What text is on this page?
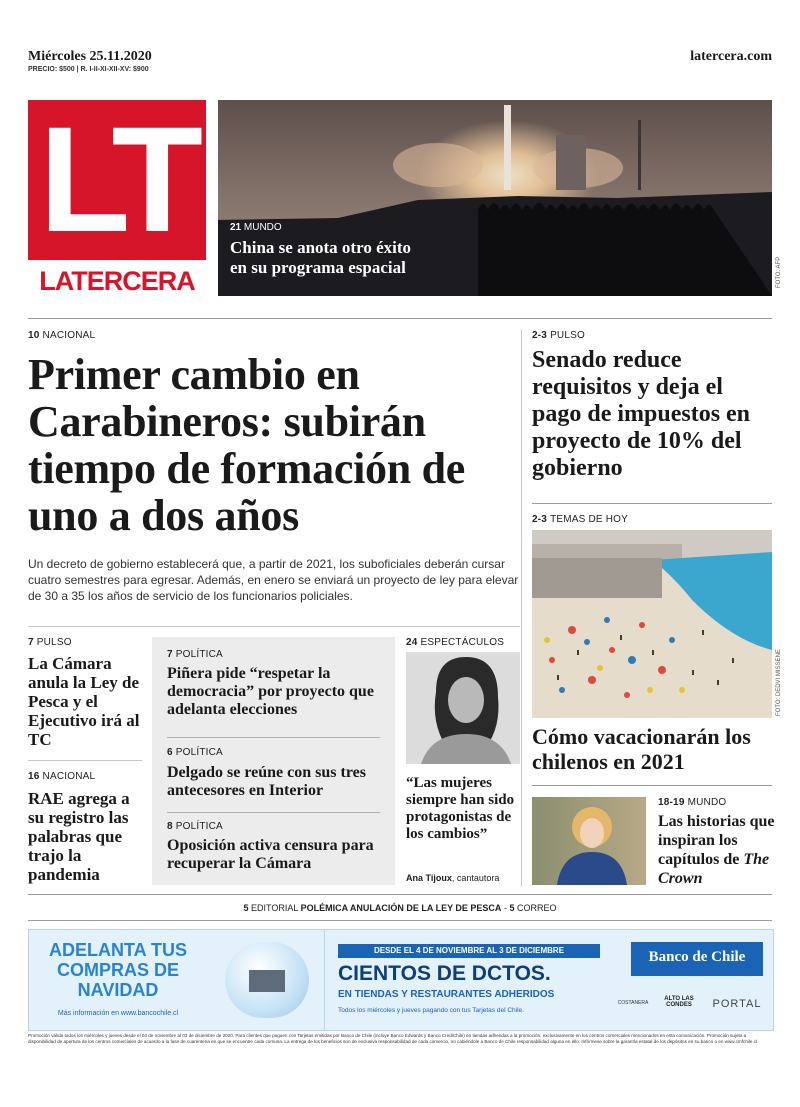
Miércoles 25.11.2020
PRECIO: $500 | R. I-II-XI-XII-XV: $900
latercera.com
LT
LATERCERA
21 MUNDO
China se anota otro éxito
en su programa espacial	FOTO: AFP
10 NACIONAL
Primer cambio en Carabineros: subirán tiempo de formación de uno a dos años
Un decreto de gobierno establecerá que, a partir de 2021, los suboficiales deberán cursar cuatro semestres para egresar. Además, en enero se enviará un proyecto de ley para elevar de 30 a 35 los años de servicio de los funcionarios policiales.
2-3 PULSO
Senado reduce requisitos y deja el pago de impuestos en proyecto de 10% del gobierno
2-3 TEMAS DE HOY
FOTO: DEDVI MISSENE
Cómo vacacionarán los chilenos en 2021
18-19 MUNDO
Las historias que inspiran los capítulos de The Crown
7 PULSO
La Cámara anula la Ley de Pesca y el Ejecutivo irá al TC
16 NACIONAL
RAE agrega a su registro las palabras que trajo la pandemia
7 POLÍTICA
Piñera pide “respetar la democracia” por proyecto que adelanta elecciones
6 POLÍTICA
Delgado se reúne con sus tres antecesores en Interior
8 POLÍTICA
Oposición activa censura para recuperar la Cámara
24 ESPECTÁCULOS
“Las mujeres siempre han sido protagonistas de los cambios”
Ana Tijoux, cantautora
5 EDITORIAL POLÉMICA ANULACIÓN DE LA LEY DE PESCA - 5 CORREO
ADELANTA TUS
COMPRAS DE
NAVIDAD
Más información en www.bancochile.cl
DESDE EL 4 DE NOVIEMBRE AL 3 DE DICIEMBRE
CIENTOS DE DCTOS.
EN TIENDAS Y RESTAURANTES ADHERIDOS
Todos los miércoles y jueves pagando con tus Tarjetas del Chile.
Banco de Chile
COSTANERA
ALTO LAS CONDES	PORTAL
Promoción válida todos los miércoles y jueves desde el 04 de noviembre al 03 de diciembre de 2020. Para clientes que paguen con Tarjetas emitidas por Banco de Chile (incluye Banco Edwards y Banco CrediChile) en tiendas adheridas a la promoción, exclusivamente en los centros comerciales mencionados en esta comunicación. Promoción sujeta a disponibilidad de apertura de los centros comerciales de acuerdo a la fase de cuarentena en que se encuentre cada comuna. La entrega de los beneficios son de exclusiva responsabilidad de cada comercio, no cabiéndole a Banco de Chile responsabilidad alguna en ello. Infórmese sobre la garantía estatal de los depósitos en su banco o en www.cmfchile.cl
